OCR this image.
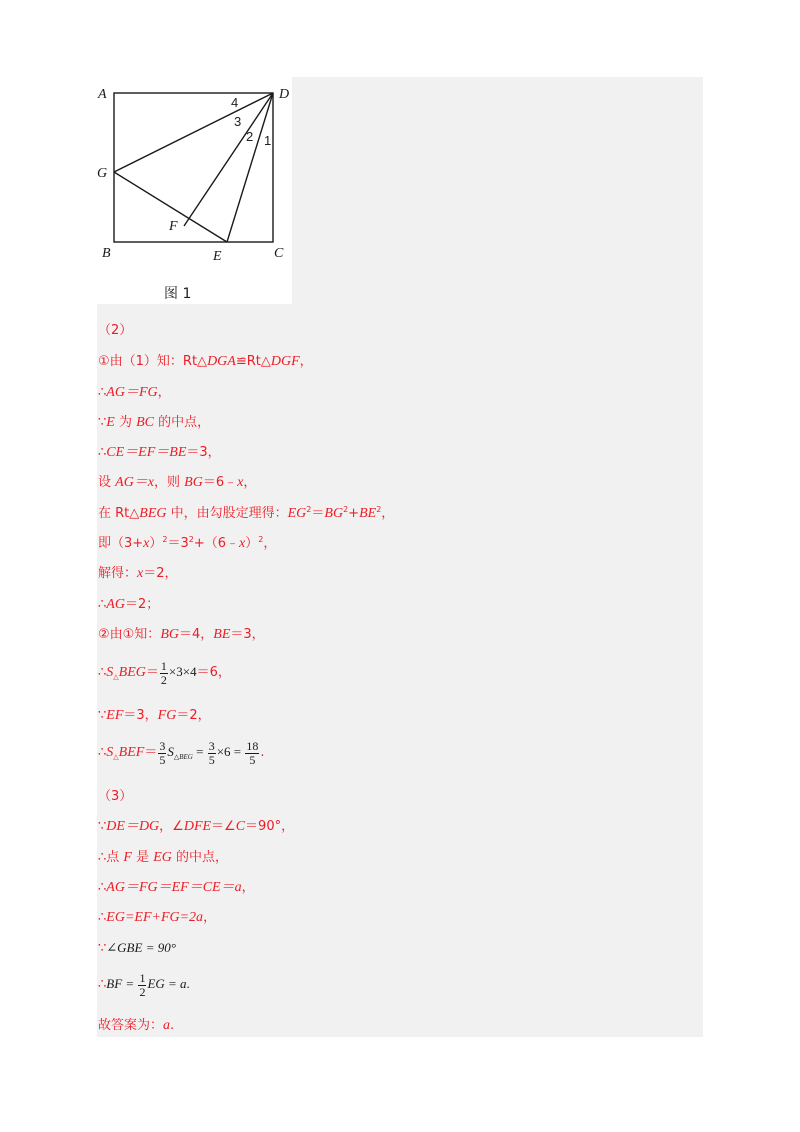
A	D
G
F
B	E	C
1
2
3
4
图 1
（2）
①由（1）知：Rt△DGA≌Rt△DGF，
∴AG＝FG，
∵E 为 BC 的中点，
∴CE＝EF＝BE＝3，
设 AG＝x，则 BG＝6﹣x，
在 Rt△BEG 中，由勾股定理得：$EG^2=BG^2+BE^2$，
即$(3+x)^2=3^2+(6﹣x)^2$，
解得：x＝2，
∴AG＝2；
②由①知：BG＝4，BE＝3，
$\therefore S_\triangle BEG= \frac{1}{2} \times 3\times 4=6$，
∵EF＝3，FG＝2，
$\therefore S_\triangle BEF= \frac{3}{5} S_{\triangle BEG} = \frac{3}{5} \times 6 = \frac{18}{5}$ .
（3）
∵DE＝DG，∠DFE＝∠C＝90°，
∴点 F 是 EG 的中点，
∴AG＝FG＝EF＝CE＝a，
∴EG=EF+FG=2a，
∵∠GBE = 90°
∴BF = $\frac{1}{2}$ EG = a.
故答案为：a.
